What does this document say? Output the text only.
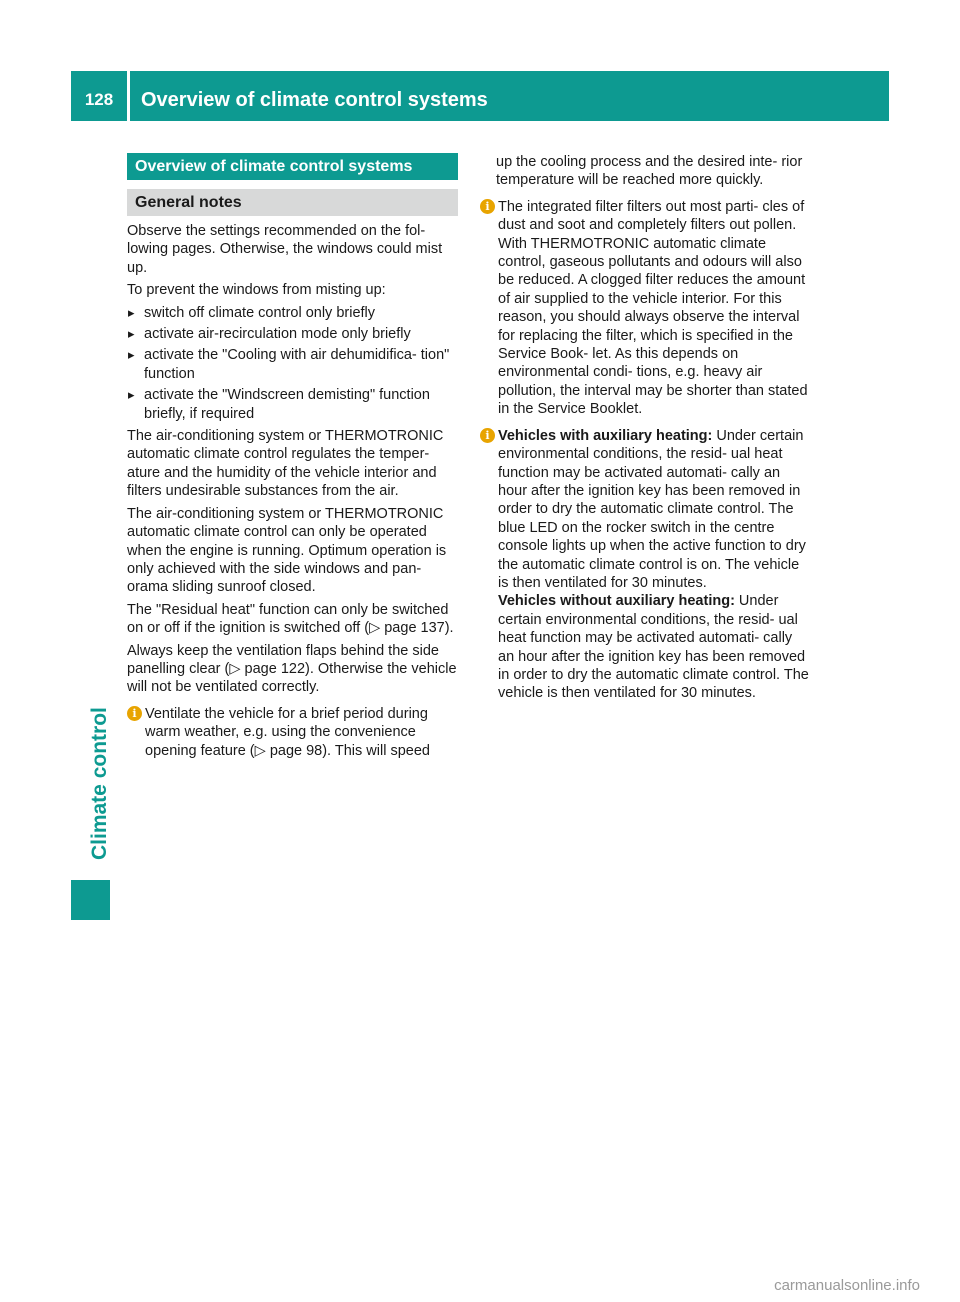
128	Overview of climate control systems
Climate control
Overview of climate control systems
General notes

Observe the settings recommended on the fol- lowing pages. Otherwise, the windows could mist up.

To prevent the windows from misting up:

▸ switch off climate control only briefly
▸ activate air-recirculation mode only briefly
▸ activate the "Cooling with air dehumidifica- tion" function
▸ activate the "Windscreen demisting" function briefly, if required

The air-conditioning system or THERMOTRONIC automatic climate control regulates the temper- ature and the humidity of the vehicle interior and filters undesirable substances from the air.

The air-conditioning system or THERMOTRONIC automatic climate control can only be operated when the engine is running. Optimum operation is only achieved with the side windows and pan- orama sliding sunroof closed.

The "Residual heat" function can only be switched on or off if the ignition is switched off (▷ page 137).

Always keep the ventilation flaps behind the side panelling clear (▷ page 122). Otherwise the vehicle will not be ventilated correctly.

i Ventilate the vehicle for a brief period during warm weather, e.g. using the convenience opening feature (▷ page 98). This will speed

up the cooling process and the desired inte- rior temperature will be reached more quickly.

i The integrated filter filters out most parti- cles of dust and soot and completely filters out pollen. With THERMOTRONIC automatic climate control, gaseous pollutants and odours will also be reduced. A clogged filter reduces the amount of air supplied to the vehicle interior. For this reason, you should always observe the interval for replacing the filter, which is specified in the Service Book- let. As this depends on environmental condi- tions, e.g. heavy air pollution, the interval may be shorter than stated in the Service Booklet.

i Vehicles with auxiliary heating: Under certain environmental conditions, the resid- ual heat function may be activated automati- cally an hour after the ignition key has been removed in order to dry the automatic climate control. The blue LED on the rocker switch in the centre console lights up when the active function to dry the automatic climate control is on. The vehicle is then ventilated for 30 minutes.

Vehicles without auxiliary heating: Under certain environmental conditions, the resid- ual heat function may be activated automati- cally an hour after the ignition key has been removed in order to dry the automatic climate control. The vehicle is then ventilated for 30 minutes.

carmanualsonline.info
